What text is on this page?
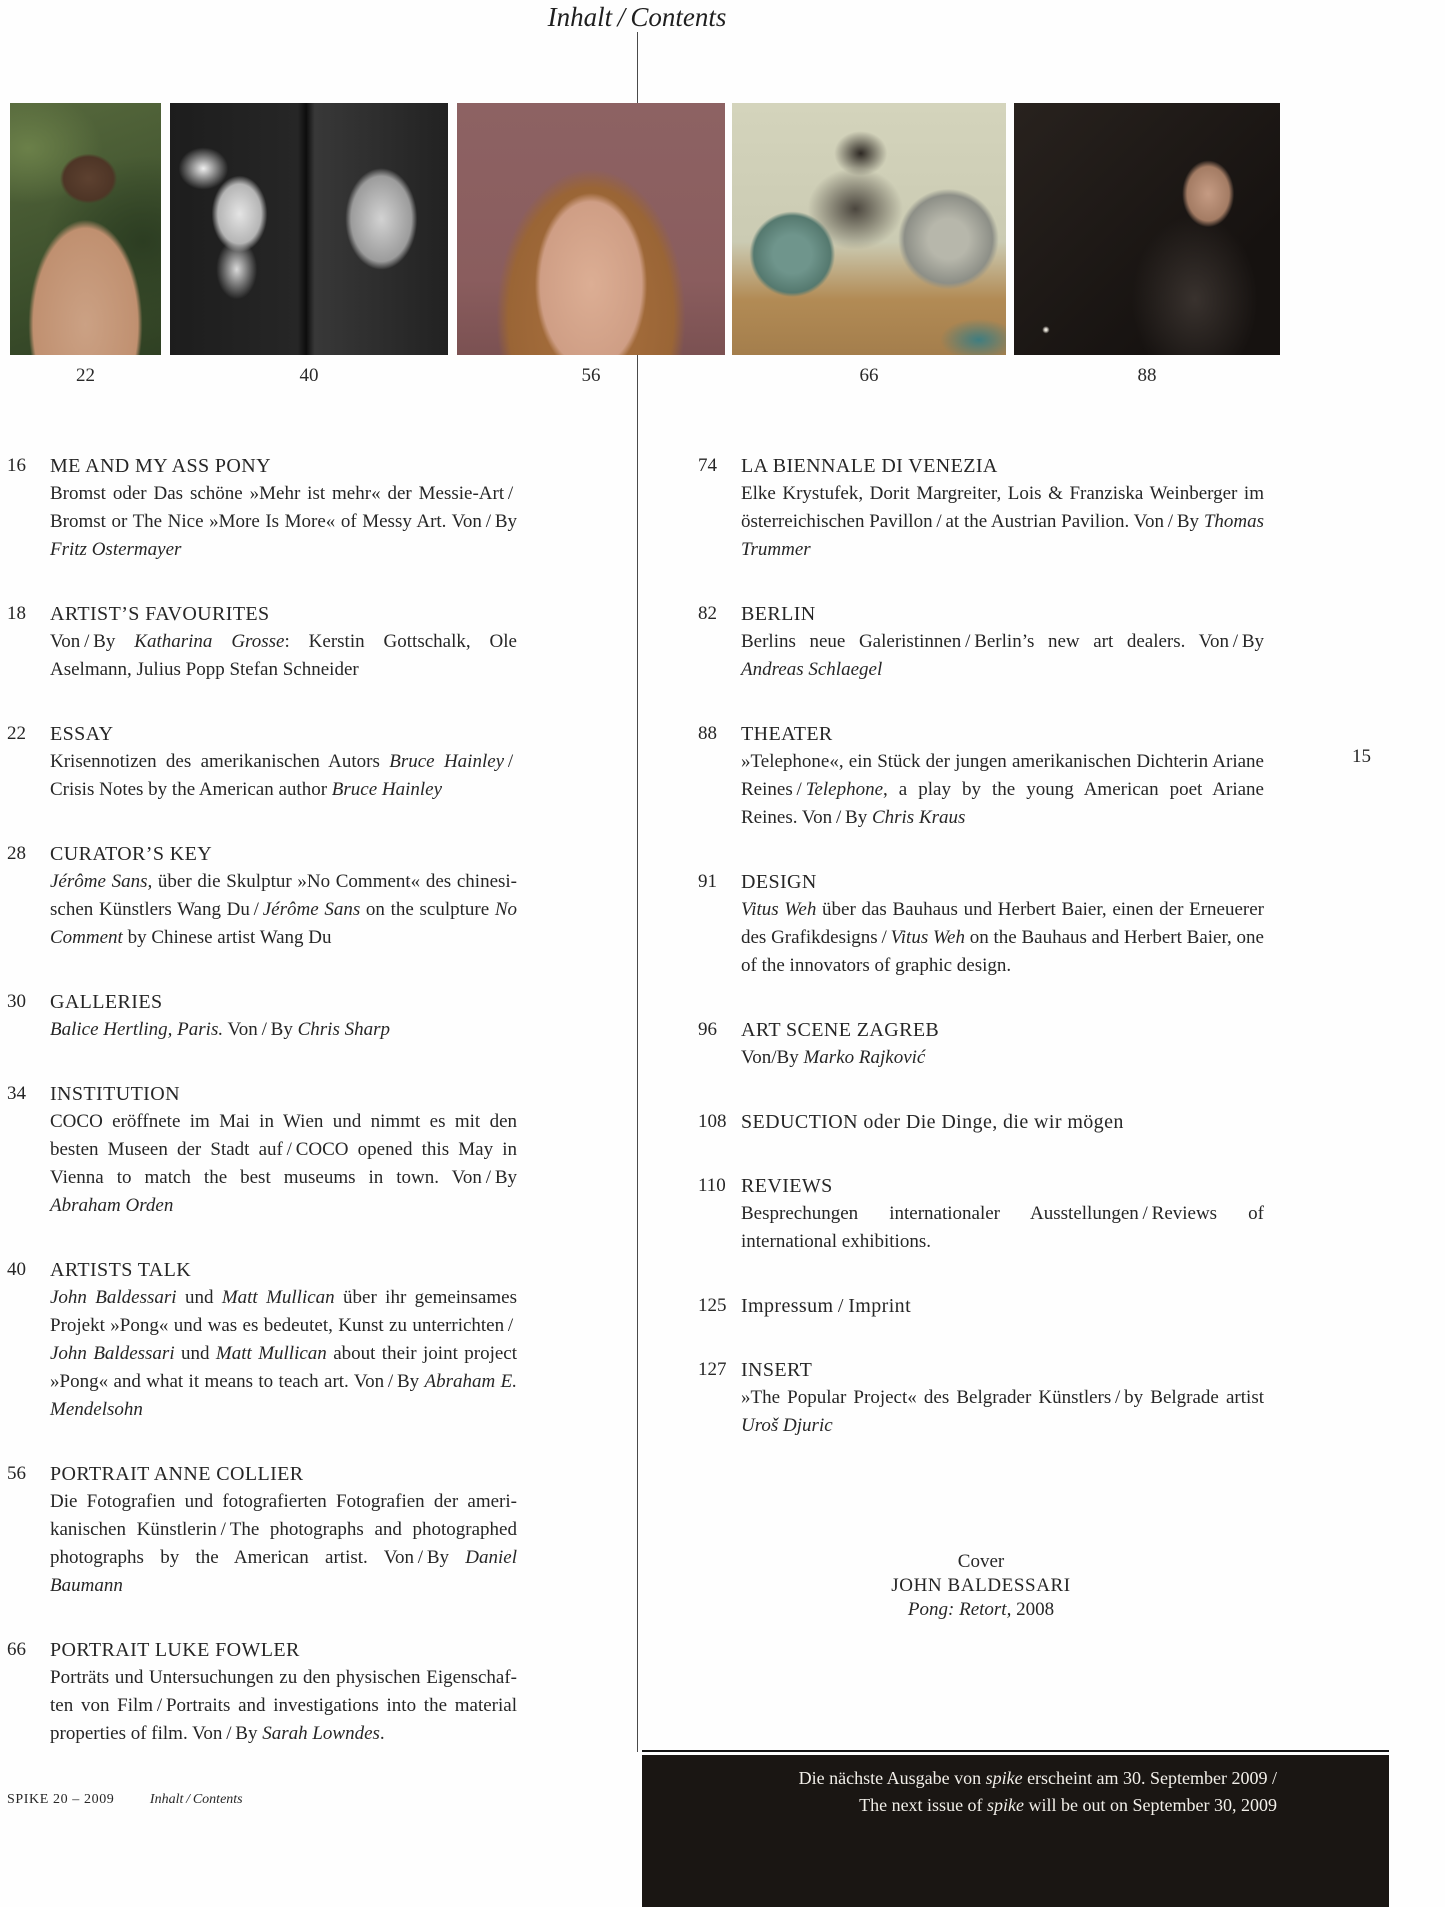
Inhalt / Contents
22	40	56	66	88
16	ME AND MY ASS PONY
Bromst oder Das schöne »Mehr ist mehr« der Messie-Art / Bromst or The Nice »More Is More« of Messy Art. Von / By Fritz Ostermayer
18	ARTIST’S FAVOURITES
Von / By Katharina Grosse: Kerstin Gottschalk, Ole Aselmann, Julius Popp Stefan Schneider
22	ESSAY
Krisennotizen des amerikanischen Autors Bruce Hainley / Crisis Notes by the American author Bruce Hainley
28	CURATOR’S KEY
Jérôme Sans, über die Skulptur »No Comment« des chinesischen Künstlers Wang Du / Jérôme Sans on the sculpture No Comment by Chinese artist Wang Du
30	GALLERIES
Balice Hertling, Paris. Von / By Chris Sharp
34	INSTITUTION
COCO eröffnete im Mai in Wien und nimmt es mit den besten Museen der Stadt auf / COCO opened this May in Vienna to match the best museums in town. Von / By Abraham Orden
40	ARTISTS TALK
John Baldessari und Matt Mullican über ihr gemeinsames Projekt »Pong« und was es bedeutet, Kunst zu unterrichten / John Baldessari und Matt Mullican about their joint project »Pong« and what it means to teach art. Von / By Abraham E. Mendelsohn
56	PORTRAIT ANNE COLLIER
Die Fotografien und fotografierten Fotografien der amerikanischen Künstlerin / The photographs and photographed photographs by the American artist. Von / By Daniel Baumann
66	PORTRAIT LUKE FOWLER
Porträts und Untersuchungen zu den physischen Eigenschaften von Film / Portraits and investigations into the material properties of film. Von / By Sarah Lowndes.
74	LA BIENNALE DI VENEZIA
Elke Krystufek, Dorit Margreiter, Lois & Franziska Weinberger im österreichischen Pavillon / at the Austrian Pavilion. Von / By Thomas Trummer
82	BERLIN
Berlins neue Galeristinnen / Berlin’s new art dealers. Von / By Andreas Schlaegel
88	THEATER
»Telephone«, ein Stück der jungen amerikanischen Dichterin Ariane Reines / Telephone, a play by the young American poet Ariane Reines. Von / By Chris Kraus
91	DESIGN
Vitus Weh über das Bauhaus und Herbert Baier, einen der Erneuerer des Grafikdesigns / Vitus Weh on the Bauhaus and Herbert Baier, one of the innovators of graphic design.
96	ART SCENE ZAGREB
Von/By Marko Rajković
108 SEDUCTION oder Die Dinge, die wir mögen
110 REVIEWS
Besprechungen internationaler Ausstellungen / Reviews of international exhibitions.
125 Impressum / Imprint
127 INSERT
»The Popular Project« des Belgrader Künstlers / by Belgrade artist Uroš Djuric
15
Cover
JOHN BALDESSARI
Pong: Retort, 2008
SPIKE 20 – 2009	Inhalt / Contents
Die nächste Ausgabe von spike erscheint am 30. September 2009 /
The next issue of spike will be out on September 30, 2009
